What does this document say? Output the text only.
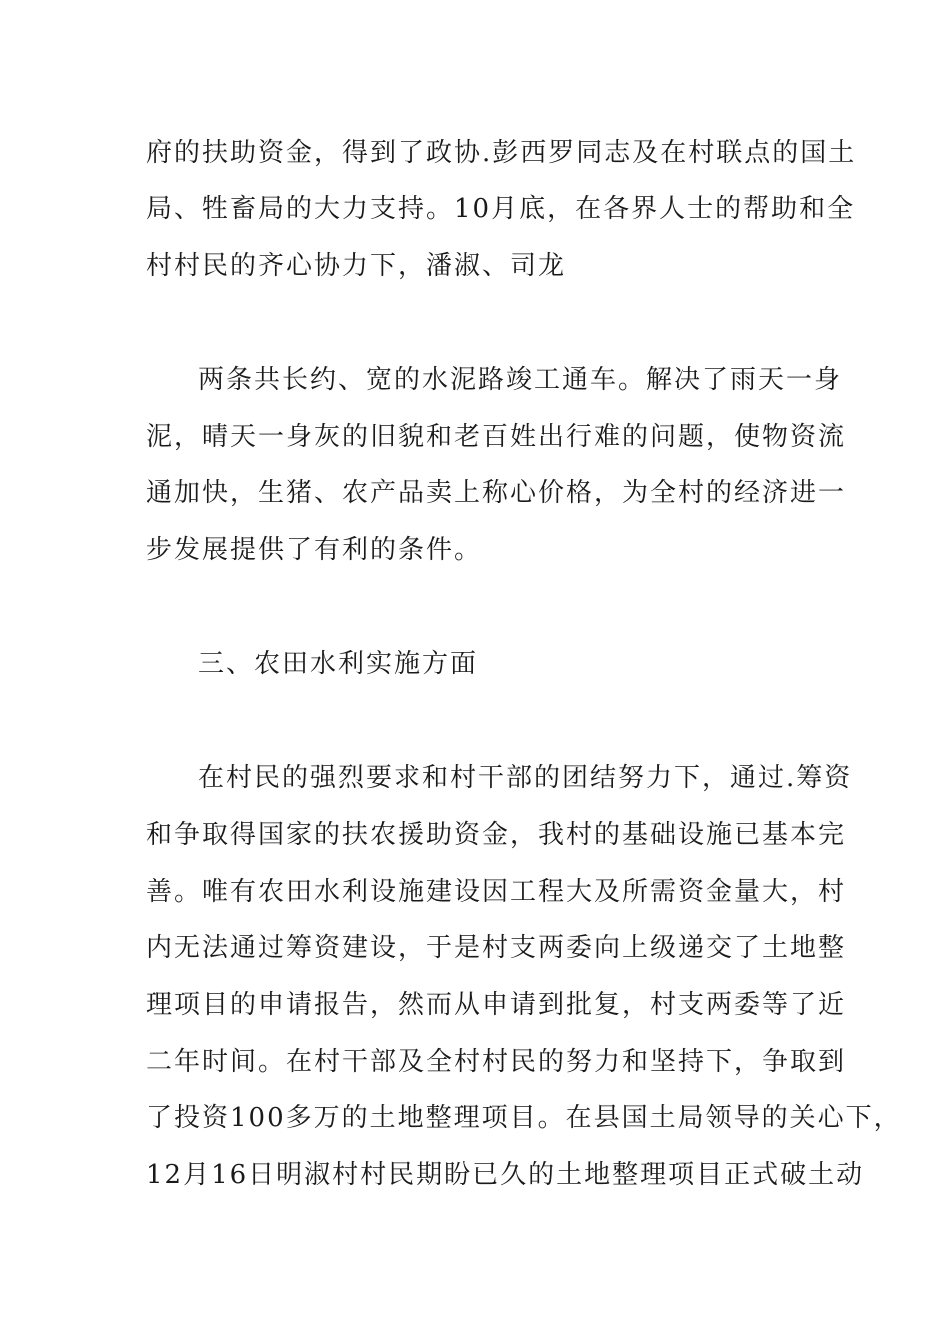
府的扶助资金，得到了政协.彭西罗同志及在村联点的国土
局、牲畜局的大力支持。10月底，在各界人士的帮助和全
村村民的齐心协力下，潘淑、司龙
两条共长约、宽的水泥路竣工通车。解决了雨天一身
泥，晴天一身灰的旧貌和老百姓出行难的问题，使物资流
通加快，生猪、农产品卖上称心价格，为全村的经济进一
步发展提供了有利的条件。
三、农田水利实施方面
在村民的强烈要求和村干部的团结努力下，通过.筹资
和争取得国家的扶农援助资金，我村的基础设施已基本完
善。唯有农田水利设施建设因工程大及所需资金量大，村
内无法通过筹资建设，于是村支两委向上级递交了土地整
理项目的申请报告，然而从申请到批复，村支两委等了近
二年时间。在村干部及全村村民的努力和坚持下，争取到
了投资100多万的土地整理项目。在县国土局领导的关心下，
12月16日明淑村村民期盼已久的土地整理项目正式破土动
